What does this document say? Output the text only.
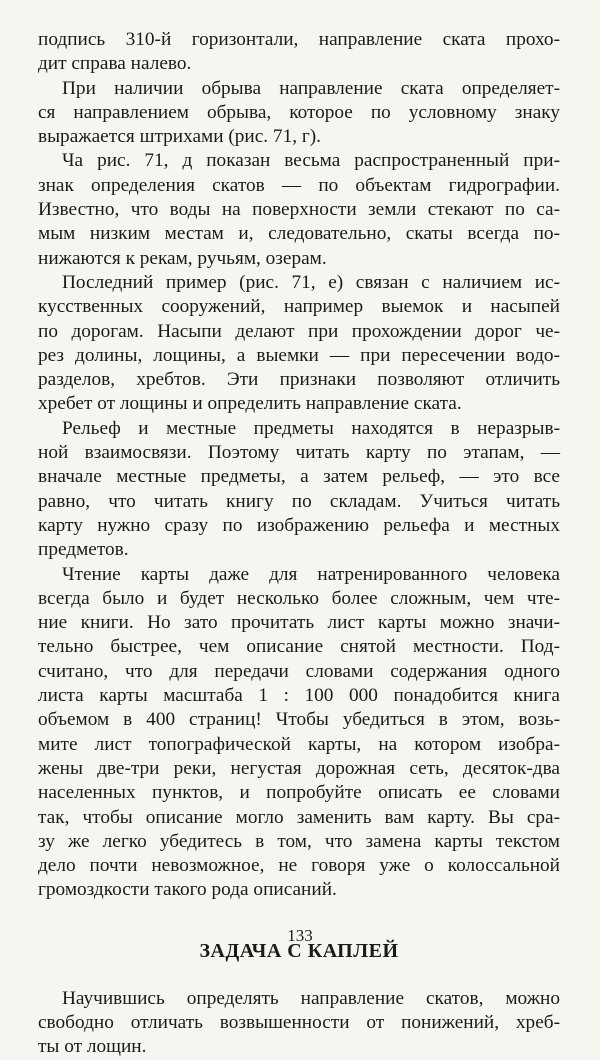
подпись 310-й горизонтали, направление ската прохо-

дит справа налево.

При наличии обрыва направление ската определяет-

ся направлением обрыва, которое по условному знаку

выражается штрихами (рис. 71, г).

Ча рис. 71, д показан весьма распространенный при-

знак определения скатов — по объектам гидрографии.

Известно, что воды на поверхности земли стекают по са-

мым низким местам и, следовательно, скаты всегда по-

нижаются к рекам, ручьям, озерам.

Последний пример (рис. 71, е) связан с наличием ис-

кусственных сооружений, например выемок и насыпей

по дорогам. Насыпи делают при прохождении дорог че-

рез долины, лощины, а выемки — при пересечении водо-

разделов, хребтов. Эти признаки позволяют отличить

хребет от лощины и определить направление ската.

Рельеф и местные предметы находятся в неразрыв-

ной взаимосвязи. Поэтому читать карту по этапам, —

вначале местные предметы, а затем рельеф, — это все

равно, что читать книгу по складам. Учиться читать

карту нужно сразу по изображению рельефа и местных

предметов.

Чтение карты даже для натренированного человека

всегда было и будет несколько более сложным, чем чте-

ние книги. Но зато прочитать лист карты можно значи-

тельно быстрее, чем описание снятой местности. Под-

считано, что для передачи словами содержания одного

листа карты масштаба 1 : 100 000 понадобится книга

объемом в 400 страниц! Чтобы убедиться в этом, возь-

мите лист топографической карты, на котором изобра-

жены две-три реки, негустая дорожная сеть, десяток-два

населенных пунктов, и попробуйте описать ее словами

так, чтобы описание могло заменить вам карту. Вы сра-

зу же легко убедитесь в том, что замена карты текстом

дело почти невозможное, не говоря уже о колоссальной

громоздкости такого рода описаний.

ЗАДАЧА С КАПЛЕЙ

Научившись определять направление скатов, можно

свободно отличать возвышенности от понижений, хреб-

ты от лощин.

133
